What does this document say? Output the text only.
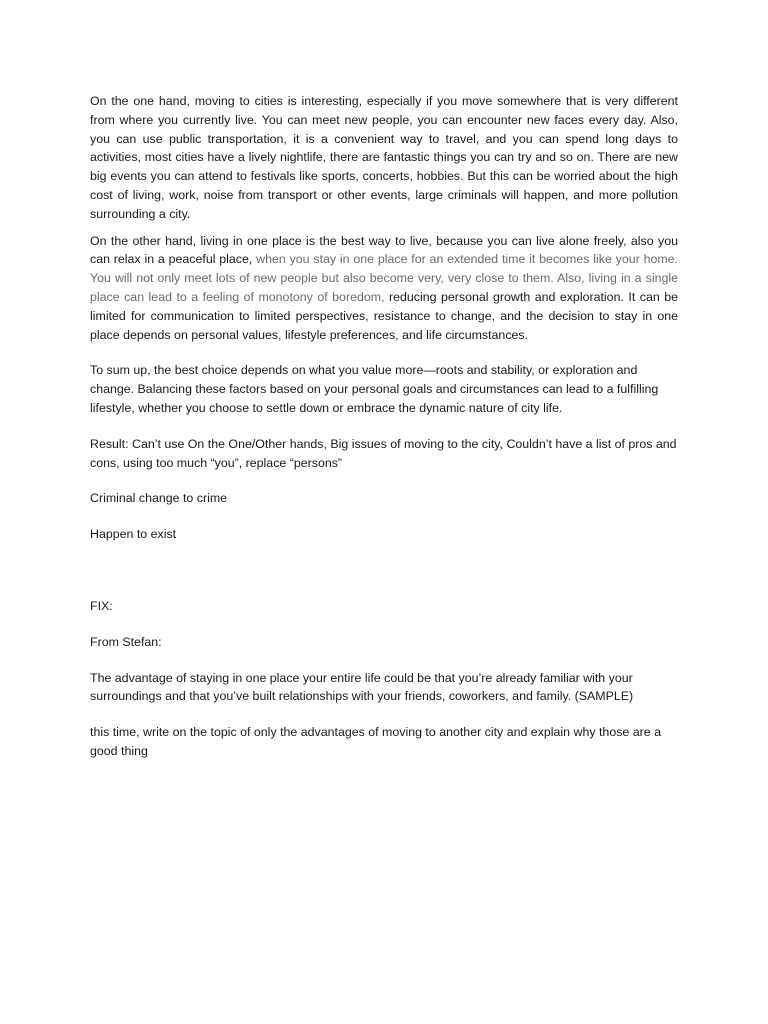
On the one hand, moving to cities is interesting, especially if you move somewhere that is very different from where you currently live. You can meet new people, you can encounter new faces every day. Also, you can use public transportation, it is a convenient way to travel, and you can spend long days to activities, most cities have a lively nightlife, there are fantastic things you can try and so on. There are new big events you can attend to festivals like sports, concerts, hobbies. But this can be worried about the high cost of living, work, noise from transport or other events, large criminals will happen, and more pollution surrounding a city.

On the other hand, living in one place is the best way to live, because you can live alone freely, also you can relax in a peaceful place, when you stay in one place for an extended time it becomes like your home. You will not only meet lots of new people but also become very, very close to them. Also, living in a single place can lead to a feeling of monotony of boredom, reducing personal growth and exploration. It can be limited for communication to limited perspectives, resistance to change, and the decision to stay in one place depends on personal values, lifestyle preferences, and life circumstances.

To sum up, the best choice depends on what you value more—roots and stability, or exploration and change. Balancing these factors based on your personal goals and circumstances can lead to a fulfilling lifestyle, whether you choose to settle down or embrace the dynamic nature of city life.

Result: Can’t use On the One/Other hands, Big issues of moving to the city, Couldn’t have a list of pros and cons, using too much “you”, replace “persons”

Criminal change to crime

Happen to exist

FIX:

From Stefan:

The advantage of staying in one place your entire life could be that you’re already familiar with your surroundings and that you’ve built relationships with your friends, coworkers, and family. (SAMPLE)

this time, write on the topic of only the advantages of moving to another city and explain why those are a good thing
